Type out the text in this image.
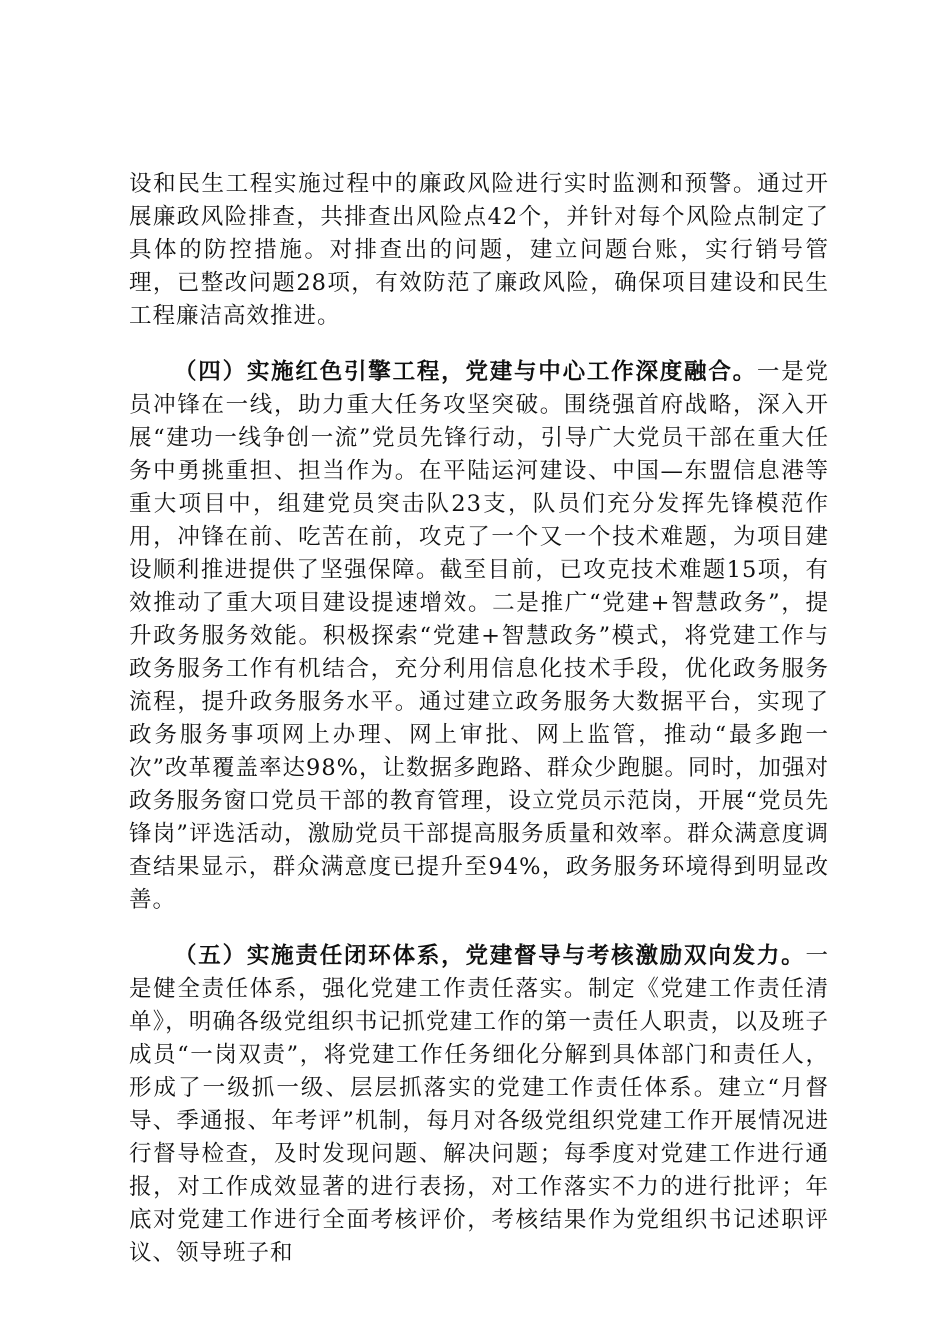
设和民生工程实施过程中的廉政风险进行实时监测和预警。通过开展廉政风险排查，共排查出风险点42个，并针对每个风险点制定了具体的防控措施。对排查出的问题，建立问题台账，实行销号管理，已整改问题28项，有效防范了廉政风险，确保项目建设和民生工程廉洁高效推进。

（四）实施红色引擎工程，党建与中心工作深度融合。一是党员冲锋在一线，助力重大任务攻坚突破。围绕强首府战略，深入开展“建功一线争创一流”党员先锋行动，引导广大党员干部在重大任务中勇挑重担、担当作为。在平陆运河建设、中国—东盟信息港等重大项目中，组建党员突击队23支，队员们充分发挥先锋模范作用，冲锋在前、吃苦在前，攻克了一个又一个技术难题，为项目建设顺利推进提供了坚强保障。截至目前，已攻克技术难题15项，有效推动了重大项目建设提速增效。二是推广“党建+智慧政务”，提升政务服务效能。积极探索“党建+智慧政务”模式，将党建工作与政务服务工作有机结合，充分利用信息化技术手段，优化政务服务流程，提升政务服务水平。通过建立政务服务大数据平台，实现了政务服务事项网上办理、网上审批、网上监管，推动“最多跑一次”改革覆盖率达98%，让数据多跑路、群众少跑腿。同时，加强对政务服务窗口党员干部的教育管理，设立党员示范岗，开展“党员先锋岗”评选活动，激励党员干部提高服务质量和效率。群众满意度调查结果显示，群众满意度已提升至94%，政务服务环境得到明显改善。

（五）实施责任闭环体系，党建督导与考核激励双向发力。一是健全责任体系，强化党建工作责任落实。制定《党建工作责任清单》，明确各级党组织书记抓党建工作的第一责任人职责，以及班子成员“一岗双责”，将党建工作任务细化分解到具体部门和责任人，形成了一级抓一级、层层抓落实的党建工作责任体系。建立“月督导、季通报、年考评”机制，每月对各级党组织党建工作开展情况进行督导检查，及时发现问题、解决问题；每季度对党建工作进行通报，对工作成效显著的进行表扬，对工作落实不力的进行批评；年底对党建工作进行全面考核评价，考核结果作为党组织书记述职评议、领导班子和
